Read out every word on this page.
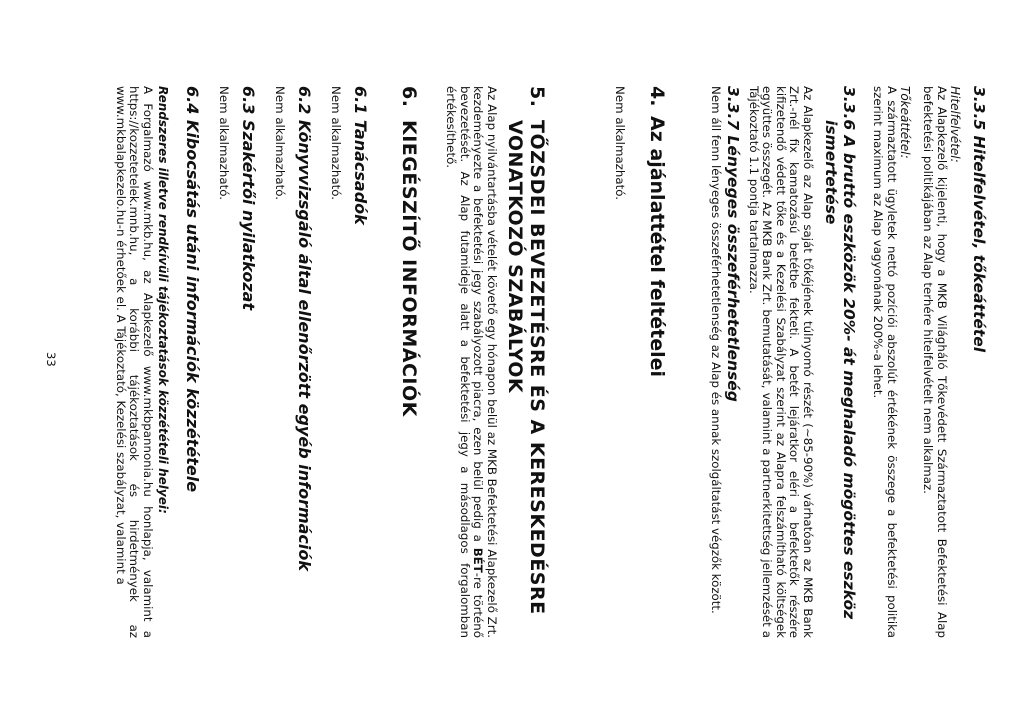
3.3.5 Hitelfelvétel, tőkeáttétel
Hitelfelvétel:
Az Alapkezelő kijelenti, hogy a MKB Világháló Tőkevédett Származtatott Befektetési Alap befektetési politikájában az Alap terhére hitelfelvételt nem alkalmaz.
Tőkeáttétel:
A származtatott ügyletek nettó pozíciói abszolút értékének összege a befektetési politika szerint maximum az Alap vagyonának 200%-a lehet.
3.3.6 A bruttó eszközök 20%- át meghaladó mögöttes eszköz
ismertetése
Az Alapkezelő az Alap saját tőkéjének túlnyomó részét (~85-90%) várhatóan az MKB Bank Zrt.-nél fix kamatozású betétbe fekteti. A betét lejáratkor eléri a befektetők részére kifizetendő védett tőke és a Kezelési Szabályzat szerint az Alapra felszámítható költségek együttes összegét. Az MKB Bank Zrt. bemutatását, valamint a partnerkitettség jellemzését a Tájékoztató 1.1 pontja tartalmazza.
3.3.7 Lényeges összeférhetetlenség
Nem áll fenn lényeges összeférhetetlenség az Alap és annak szolgáltatást végzők között.
4.Az ajánlattétel feltételei
Nem alkalmazható.
5.TŐZSDEI BEVEZETÉSRE ÉS A KERESKEDÉSRE
VONATKOZÓ SZABÁLYOK
Az Alap nyilvántartásba vételét követő egy hónapon belül az MKB Befektetési Alapkezelő Zrt. kezdeményezte a befektetési jegy szabályozott piacra, ezen belül pedig a BÉT-re történő bevezetését. Az Alap futamideje alatt a befektetési jegy a másodlagos forgalomban értékesíthető.
6.KIEGÉSZÍTŐ INFORMÁCIÓK
6.1 Tanácsadók
Nem alkalmazható.
6.2 Könyvvizsgáló által ellenőrzött egyéb információk
Nem alkalmazható.
6.3 Szakértői nyilatkozat
Nem alkalmazható.
6.4 Kibocsátás utáni információk közzététele
Rendszeres illetve rendkívüli tájékoztatások közzétételi helyei:
A Forgalmazó www.mkb.hu, az Alapkezelő www.mkbpannonia.hu honlapja, valamint a https://kozzetetelek.mnb.hu, a korábbi tájékoztatások és hirdetmények az www.mkbalapkezelo.hu-n érhetőek el. A Tájékoztató, Kezelési szabályzat, valamint a
33
